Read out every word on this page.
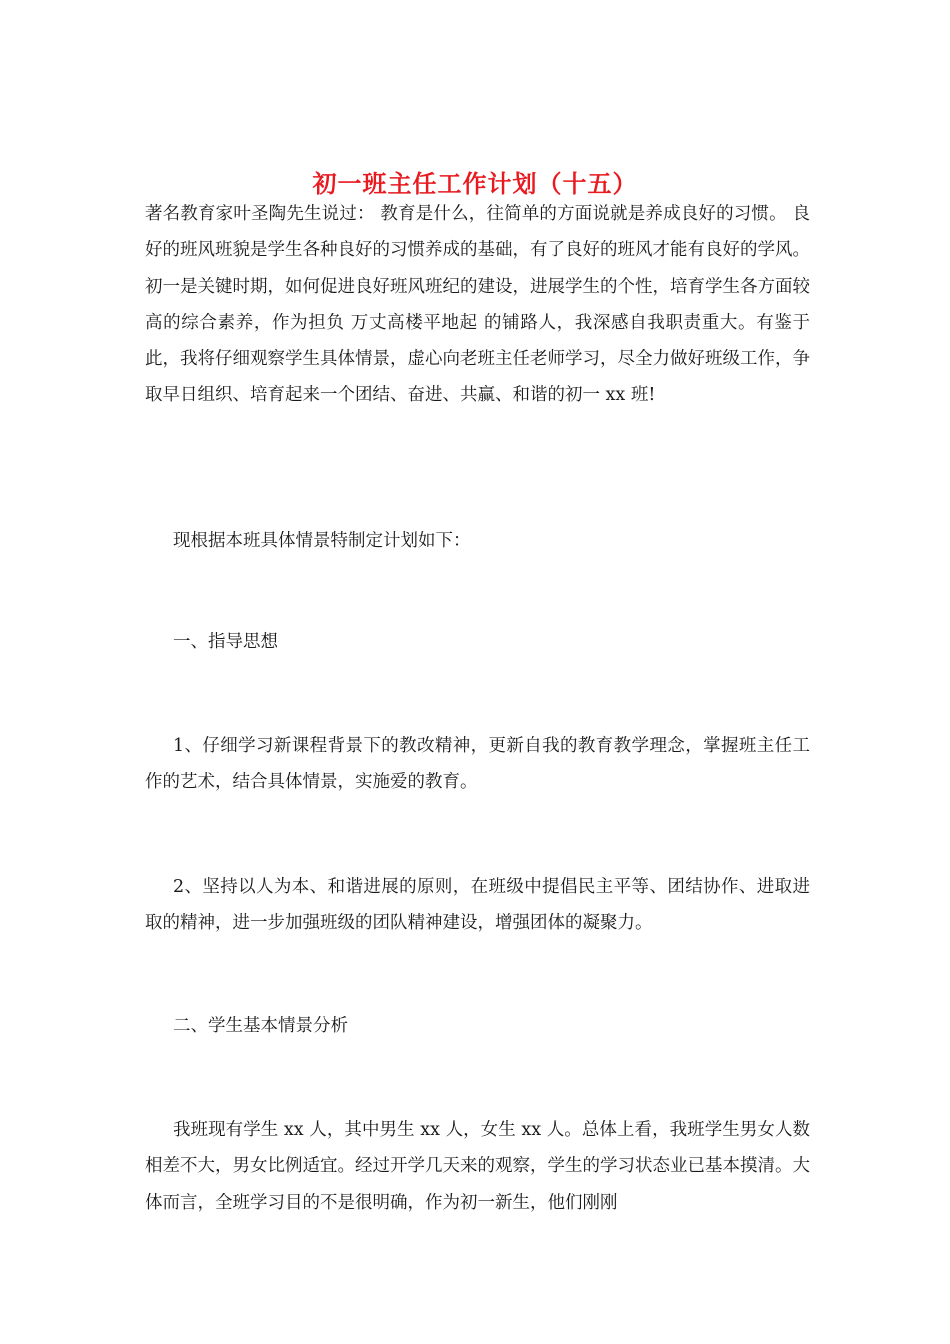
初一班主任工作计划（十五）

著名教育家叶圣陶先生说过： 教育是什么，往简单的方面说就是养成良好的习惯。 良好的班风班貌是学生各种良好的习惯养成的基础，有了良好的班风才能有良好的学风。初一是关键时期，如何促进良好班风班纪的建设，进展学生的个性，培育学生各方面较高的综合素养，作为担负 万丈高楼平地起 的铺路人，我深感自我职责重大。有鉴于此，我将仔细观察学生具体情景，虚心向老班主任老师学习，尽全力做好班级工作，争取早日组织、培育起来一个团结、奋进、共赢、和谐的初一 xx 班!

现根据本班具体情景特制定计划如下：

一、指导思想

1、仔细学习新课程背景下的教改精神，更新自我的教育教学理念，掌握班主任工作的艺术，结合具体情景，实施爱的教育。

2、坚持以人为本、和谐进展的原则，在班级中提倡民主平等、团结协作、进取进取的精神，进一步加强班级的团队精神建设，增强团体的凝聚力。

二、学生基本情景分析

我班现有学生 xx 人，其中男生 xx 人，女生 xx 人。总体上看，我班学生男女人数相差不大，男女比例适宜。经过开学几天来的观察，学生的学习状态业已基本摸清。大体而言，全班学习目的不是很明确，作为初一新生，他们刚刚
